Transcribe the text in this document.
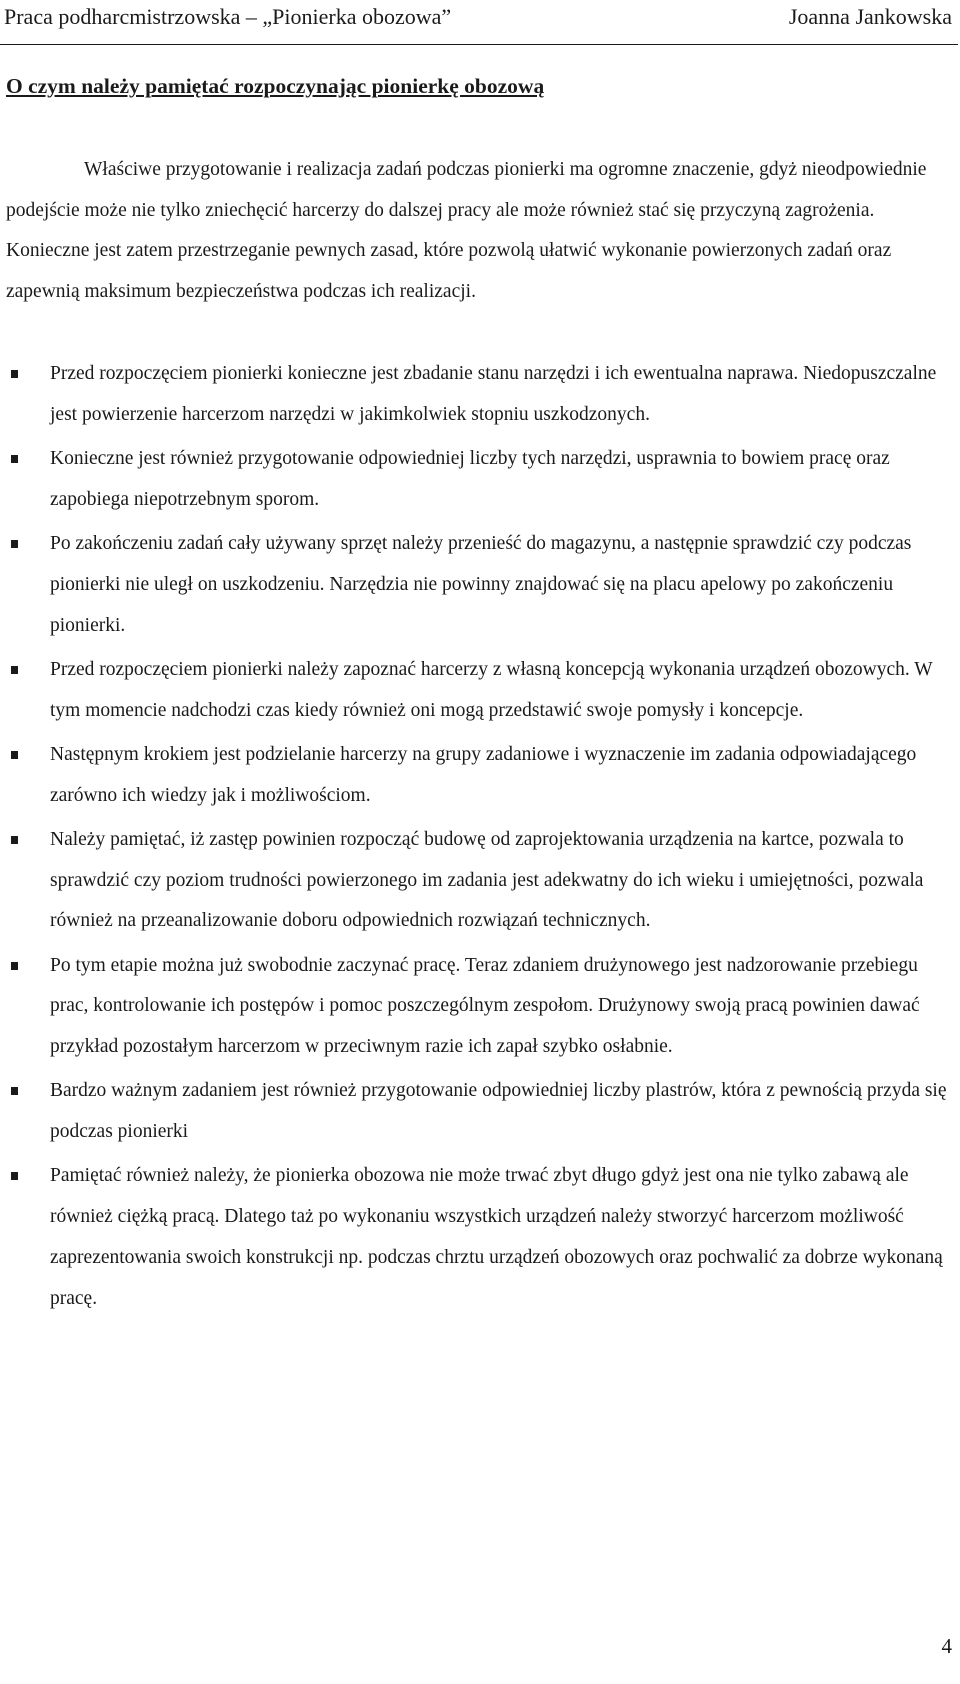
Praca podharcmistrzowska – „Pionierka obozowa”	Joanna Jankowska
O czym należy pamiętać rozpoczynając pionierkę obozową

Właściwe przygotowanie i realizacja zadań podczas pionierki ma ogromne znaczenie, gdyż nieodpowiednie podejście może nie tylko zniechęcić harcerzy do dalszej pracy ale może również stać się przyczyną zagrożenia. Konieczne jest zatem przestrzeganie pewnych zasad, które pozwolą ułatwić wykonanie powierzonych zadań oraz zapewnią maksimum bezpieczeństwa podczas ich realizacji.

Przed rozpoczęciem pionierki konieczne jest zbadanie stanu narzędzi i ich ewentualna naprawa. Niedopuszczalne jest powierzenie harcerzom narzędzi w jakimkolwiek stopniu uszkodzonych.
Konieczne jest również przygotowanie odpowiedniej liczby tych narzędzi, usprawnia to bowiem pracę oraz zapobiega niepotrzebnym sporom.
Po zakończeniu zadań cały używany sprzęt należy przenieść do magazynu, a następnie sprawdzić czy podczas pionierki nie uległ on uszkodzeniu. Narzędzia nie powinny znajdować się na placu apelowy po zakończeniu pionierki.
Przed rozpoczęciem pionierki należy zapoznać harcerzy z własną koncepcją wykonania urządzeń obozowych. W tym momencie nadchodzi czas kiedy również oni mogą przedstawić swoje pomysły i koncepcje.
Następnym krokiem jest podzielanie harcerzy na grupy zadaniowe i wyznaczenie im zadania odpowiadającego zarówno ich wiedzy jak i możliwościom.
Należy pamiętać, iż zastęp powinien rozpocząć budowę od zaprojektowania urządzenia na kartce, pozwala to sprawdzić czy poziom trudności powierzonego im zadania jest adekwatny do ich wieku i umiejętności, pozwala również na przeanalizowanie doboru odpowiednich rozwiązań technicznych.
Po tym etapie można już swobodnie zaczynać pracę. Teraz zdaniem drużynowego jest nadzorowanie przebiegu prac, kontrolowanie ich postępów i pomoc poszczególnym zespołom. Drużynowy swoją pracą powinien dawać przykład pozostałym harcerzom w przeciwnym razie ich zapał szybko osłabnie.
Bardzo ważnym zadaniem jest również przygotowanie odpowiedniej liczby plastrów, która z pewnością przyda się podczas pionierki
Pamiętać również należy, że pionierka obozowa nie może trwać zbyt długo gdyż jest ona nie tylko zabawą ale również ciężką pracą. Dlatego taż po wykonaniu wszystkich urządzeń należy stworzyć harcerzom możliwość zaprezentowania swoich konstrukcji np. podczas chrztu urządzeń obozowych oraz pochwalić za dobrze wykonaną pracę.
4
